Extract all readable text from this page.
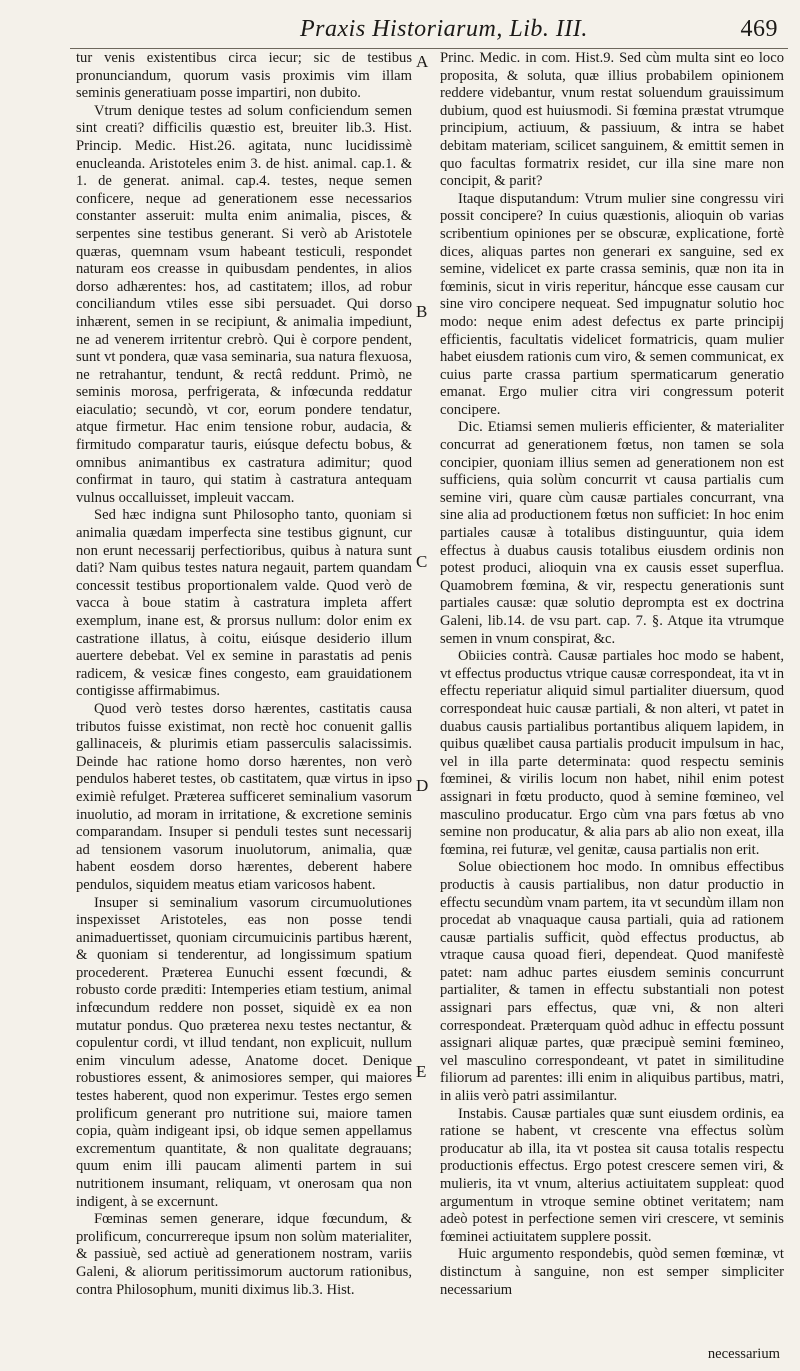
Praxis Historiarum, Lib. III.	469

tur venis existentibus circa iecur; sic de testibus pronunciandum, quorum vasis proximis vim illam seminis generatiuam posse impartiri, non dubito.

Vtrum denique testes ad solum conficiendum semen sint creati? difficilis quæstio est, breuiter lib.3. Hist. Princip. Medic. Hist.26. agitata, nunc lucidissimè enucleanda. Aristoteles enim 3. de hist. animal. cap.1. & 1. de generat. animal. cap.4. testes, neque semen conficere, neque ad generationem esse necessarios constanter asseruit: multa enim animalia, pisces, & serpentes sine testibus generant. Si verò ab Aristotele quæras, quemnam vsum habeant testiculi, respondet naturam eos creasse in quibusdam pendentes, in alios dorso adhærentes: hos, ad castitatem; illos, ad robur conciliandum vtiles esse sibi persuadet. Qui dorso inhærent, semen in se recipiunt, & animalia impediunt, ne ad venerem irritentur crebrò. Qui è corpore pendent, sunt vt pondera, quæ vasa seminaria, sua natura flexuosa, ne retrahantur, tendunt, & rectâ reddunt. Primò, ne seminis morosa, perfrigerata, & infœcunda reddatur eiaculatio; secundò, vt cor, eorum pondere tendatur, atque firmetur. Hac enim tensione robur, audacia, & firmitudo comparatur tauris, eiúsque defectu bobus, & omnibus animantibus ex castratura adimitur; quod confirmat in tauro, qui statim à castratura antequam vulnus occalluisset, impleuit vaccam.

Sed hæc indigna sunt Philosopho tanto, quoniam si animalia quædam imperfecta sine testibus gignunt, cur non erunt necessarij perfectioribus, quibus à natura sunt dati? Nam quibus testes natura negauit, partem quandam concessit testibus proportionalem valde. Quod verò de vacca à boue statim à castratura impleta affert exemplum, inane est, & prorsus nullum: dolor enim ex castratione illatus, à coitu, eiúsque desiderio illum auertere debebat. Vel ex semine in parastatis ad penis radicem, & vesicæ fines congesto, eam grauidationem contigisse affirmabimus.

Quod verò testes dorso hærentes, castitatis causa tributos fuisse existimat, non rectè hoc conuenit gallis gallinaceis, & plurimis etiam passerculis salacissimis. Deinde hac ratione homo dorso hærentes, non verò pendulos haberet testes, ob castitatem, quæ virtus in ipso eximiè refulget. Præterea sufficeret seminalium vasorum inuolutio, ad moram in irritatione, & excretione seminis comparandam. Insuper si penduli testes sunt necessarij ad tensionem vasorum inuolutorum, animalia, quæ habent eosdem dorso hærentes, deberent habere pendulos, siquidem meatus etiam varicosos habent.

Insuper si seminalium vasorum circumuolutiones inspexisset Aristoteles, eas non posse tendi animaduertisset, quoniam circumuicinis partibus hærent, & quoniam si tenderentur, ad longissimum spatium procederent. Præterea Eunuchi essent fœcundi, & robusto corde præditi: Intemperies etiam testium, animal infœcundum reddere non posset, siquidè ex ea non mutatur pondus. Quo præterea nexu testes nectantur, & copulentur cordi, vt illud tendant, non explicuit, nullum enim vinculum adesse, Anatome docet. Denique robustiores essent, & animosiores semper, qui maiores testes haberent, quod non experimur. Testes ergo semen prolificum generant pro nutritione sui, maiore tamen copia, quàm indigeant ipsi, ob idque semen appellamus excrementum quantitate, & non qualitate degrauans; quum enim illi paucam alimenti partem in sui nutritionem insumant, reliquam, vt onerosam qua non indigent, à se excernunt.

Fœminas semen generare, idque fœcundum, & prolificum, concurrereque ipsum non solùm materialiter, & passiuè, sed actiuè ad generationem nostram, variis Galeni, & aliorum peritissimorum auctorum rationibus, contra Philosophum, muniti diximus lib.3. Hist.

A
B
C
D
E

Princ. Medic. in com. Hist.9. Sed cùm multa sint eo loco proposita, & soluta, quæ illius probabilem opinionem reddere videbantur, vnum restat soluendum grauissimum dubium, quod est huiusmodi. Si fœmina præstat vtrumque principium, actiuum, & passiuum, & intra se habet debitam materiam, scilicet sanguinem, & emittit semen in quo facultas formatrix residet, cur illa sine mare non concipit, & parit?

Itaque disputandum: Vtrum mulier sine congressu viri possit concipere? In cuius quæstionis, alioquin ob varias scribentium opiniones per se obscuræ, explicatione, fortè dices, aliquas partes non generari ex sanguine, sed ex semine, videlicet ex parte crassa seminis, quæ non ita in fœminis, sicut in viris reperitur, háncque esse causam cur sine viro concipere nequeat. Sed impugnatur solutio hoc modo: neque enim adest defectus ex parte principij efficientis, facultatis videlicet formatricis, quam mulier habet eiusdem rationis cum viro, & semen communicat, ex cuius parte crassa partium spermaticarum generatio emanat. Ergo mulier citra viri congressum poterit concipere.

Dic. Etiamsi semen mulieris efficienter, & materialiter concurrat ad generationem fœtus, non tamen se sola concipier, quoniam illius semen ad generationem non est sufficiens, quia solùm concurrit vt causa partialis cum semine viri, quare cùm causæ partiales concurrant, vna sine alia ad productionem fœtus non sufficiet: In hoc enim partiales causæ à totalibus distinguuntur, quia idem effectus à duabus causis totalibus eiusdem ordinis non potest produci, alioquin vna ex causis esset superflua. Quamobrem fœmina, & vir, respectu generationis sunt partiales causæ: quæ solutio deprompta est ex doctrina Galeni, lib.14. de vsu part. cap. 7. §. Atque ita vtrumque semen in vnum conspirat, &c.

Obiicies contrà. Causæ partiales hoc modo se habent, vt effectus productus vtrique causæ correspondeat, ita vt in effectu reperiatur aliquid simul partialiter diuersum, quod correspondeat huic causæ partiali, & non alteri, vt patet in duabus causis partialibus portantibus aliquem lapidem, in quibus quælibet causa partialis producit impulsum in hac, vel in illa parte determinata: quod respectu seminis fœminei, & virilis locum non habet, nihil enim potest assignari in fœtu producto, quod à semine fœmineo, vel masculino producatur. Ergo cùm vna pars fœtus ab vno semine non producatur, & alia pars ab alio non exeat, illa fœmina, rei futuræ, vel genitæ, causa partialis non erit.

Solue obiectionem hoc modo. In omnibus effectibus productis à causis partialibus, non datur productio in effectu secundùm vnam partem, ita vt secundùm illam non procedat ab vnaquaque causa partiali, quia ad rationem causæ partialis sufficit, quòd effectus productus, ab vtraque causa quoad fieri, dependeat. Quod manifestè patet: nam adhuc partes eiusdem seminis concurrunt partialiter, & tamen in effectu substantiali non potest assignari pars effectus, quæ vni, & non alteri correspondeat. Præterquam quòd adhuc in effectu possunt assignari aliquæ partes, quæ præcipuè semini fœmineo, vel masculino correspondeant, vt patet in similitudine filiorum ad parentes: illi enim in aliquibus partibus, matri, in aliis verò patri assimilantur.

Instabis. Causæ partiales quæ sunt eiusdem ordinis, ea ratione se habent, vt crescente vna effectus solùm producatur ab illa, ita vt postea sit causa totalis respectu productionis effectus. Ergo potest crescere semen viri, & mulieris, ita vt vnum, alterius actiuitatem suppleat: quod argumentum in vtroque semine obtinet veritatem; nam adeò potest in perfectione semen viri crescere, vt seminis fœminei actiuitatem supplere possit.

Huic argumento respondebis, quòd semen fœminæ, vt distinctum à sanguine, non est semper simpliciter necessarium

necessarium
